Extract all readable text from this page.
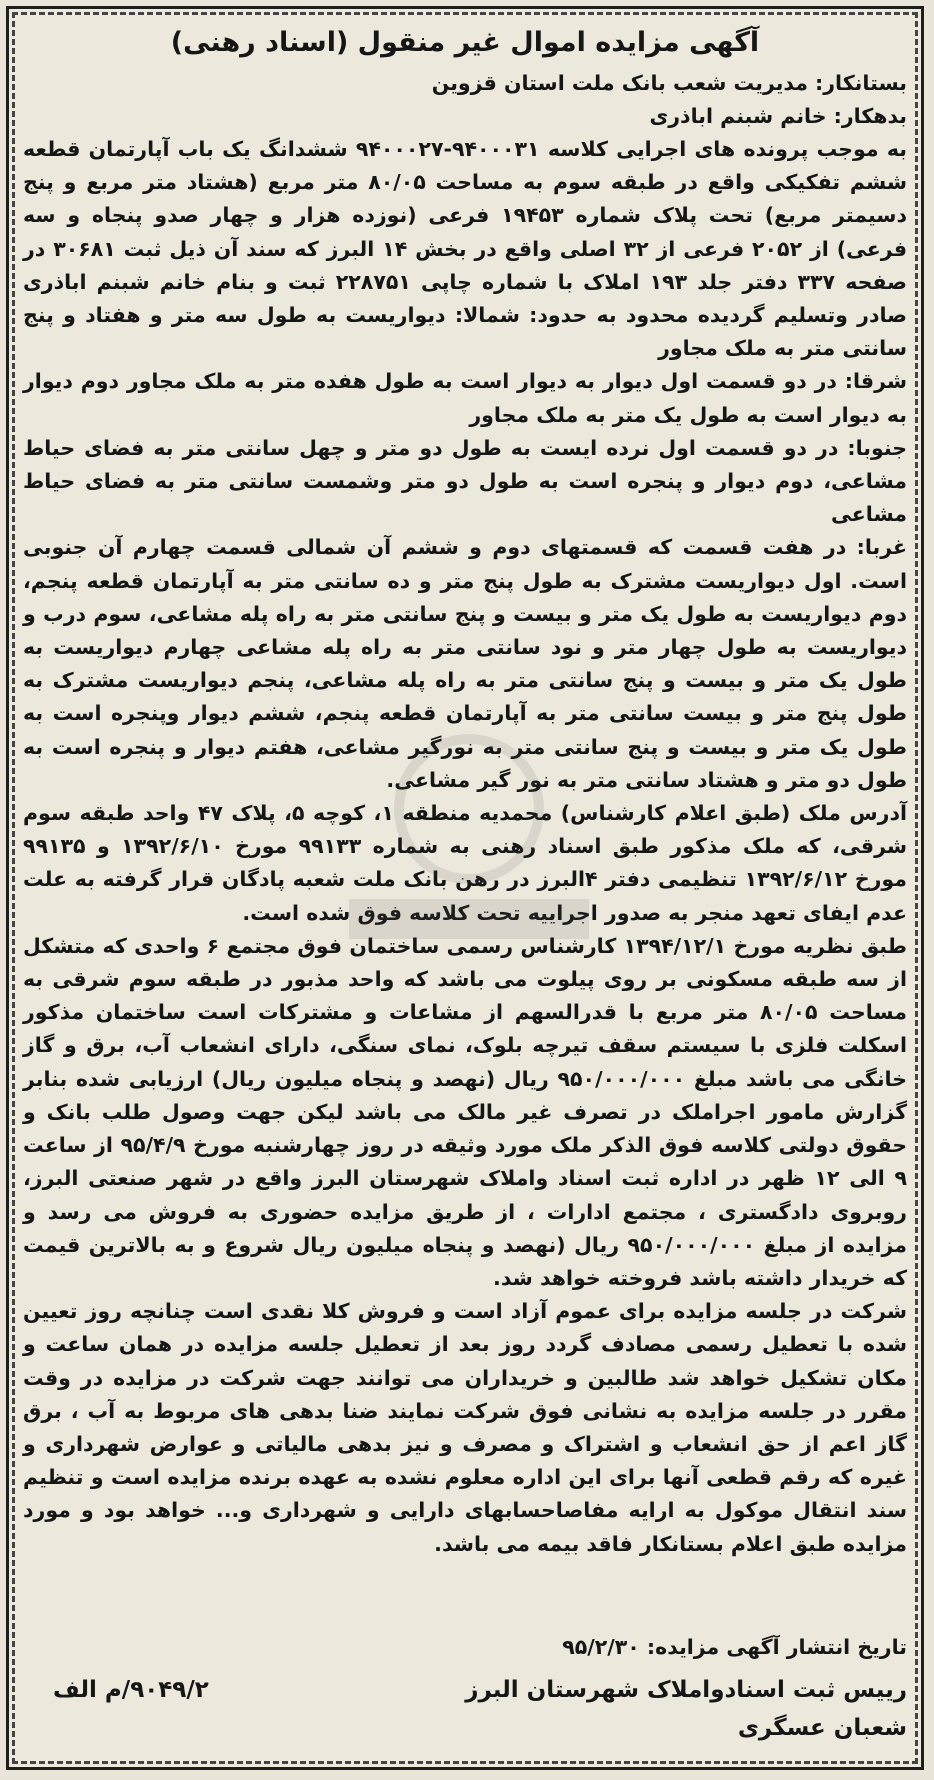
آگهی مزایده اموال غیر منقول (اسناد رهنی)
بستانکار: مدیریت شعب بانک ملت استان قزوین
بدهکار: خانم شبنم اباذری

به موجب پرونده های اجرایی کلاسه ۹۴۰۰۰۳۱-۹۴۰۰۰۲۷ ششدانگ یک باب آپارتمان قطعه ششم تفکیکی واقع در طبقه سوم به مساحت ۸۰/۰۵ متر مربع (هشتاد متر مربع و پنج دسیمتر مربع) تحت پلاک شماره ۱۹۴۵۳ فرعی (نوزده هزار و چهار صدو پنجاه و سه فرعی) از ۲۰۵۲ فرعی از ۳۲ اصلی واقع در بخش ۱۴ البرز که سند آن ذیل ثبت ۳۰۶۸۱ در صفحه ۳۳۷ دفتر جلد ۱۹۳ املاک با شماره چاپی ۲۲۸۷۵۱ ثبت و بنام خانم شبنم اباذری صادر وتسلیم گردیده محدود به حدود: شمالا: دیواریست به طول سه متر و هفتاد و پنج سانتی متر به ملک مجاور

شرقا: در دو قسمت اول دیوار به دیوار است به طول هفده متر به ملک مجاور دوم دیوار به دیوار است به طول یک متر به ملک مجاور

جنوبا: در دو قسمت اول نرده ایست به طول دو متر و چهل سانتی متر به فضای حیاط مشاعی، دوم دیوار و پنجره است به طول دو متر وشمست سانتی متر به فضای حیاط مشاعی

غربا: در هفت قسمت که قسمتهای دوم و ششم آن شمالی قسمت چهارم آن جنوبی است. اول دیواریست مشترک به طول پنج متر و ده سانتی متر به آپارتمان قطعه پنجم، دوم دیواریست به طول یک متر و بیست و پنج سانتی متر به راه پله مشاعی، سوم درب و دیواریست به طول چهار متر و نود سانتی متر به راه پله مشاعی چهارم دیواریست به طول یک متر و بیست و پنج سانتی متر به راه پله مشاعی، پنجم دیواریست مشترک به طول پنج متر و بیست سانتی متر به آپارتمان قطعه پنجم، ششم دیوار وپنجره است به طول یک متر و بیست و پنج سانتی متر به نورگیر مشاعی، هفتم دیوار و پنجره است به طول دو متر و هشتاد سانتی متر به نور گیر مشاعی.

آدرس ملک (طبق اعلام کارشناس) محمدیه منطقه ۱، کوچه ۵، پلاک ۴۷ واحد طبقه سوم شرقی، که ملک مذکور طبق اسناد رهنی به شماره ۹۹۱۳۳ مورخ ۱۳۹۲/۶/۱۰ و ۹۹۱۳۵ مورخ ۱۳۹۲/۶/۱۲ تنظیمی دفتر ۴البرز در رهن بانک ملت شعبه پادگان قرار گرفته به علت عدم ایفای تعهد منجر به صدور اجراییه تحت کلاسه فوق شده است.

طبق نظریه مورخ ۱۳۹۴/۱۲/۱ کارشناس رسمی ساختمان فوق مجتمع ۶ واحدی که متشکل از سه طبقه مسکونی بر روی پیلوت می باشد که واحد مذبور در طبقه سوم شرقی به مساحت ۸۰/۰۵ متر مربع با قدرالسهم از مشاعات و مشترکات است ساختمان مذکور اسکلت فلزی با سیستم سقف تیرچه بلوک، نمای سنگی، دارای انشعاب آب، برق و گاز خانگی می باشد مبلغ ۹۵۰/۰۰۰/۰۰۰ ریال (نهصد و پنجاه میلیون ریال) ارزیابی شده بنابر گزارش مامور اجراملک در تصرف غیر مالک می باشد لیکن جهت وصول طلب بانک و حقوق دولتی کلاسه فوق الذکر ملک مورد وثیقه در روز چهارشنبه مورخ ۹۵/۴/۹ از ساعت ۹ الی ۱۲ ظهر در اداره ثبت اسناد واملاک شهرستان البرز واقع در شهر صنعتی البرز، روبروی دادگستری ، مجتمع ادارات ، از طریق مزایده حضوری به فروش می رسد و مزایده از مبلغ ۹۵۰/۰۰۰/۰۰۰ ریال (نهصد و پنجاه میلیون ریال شروع و به بالاترین قیمت که خریدار داشته باشد فروخته خواهد شد.

شرکت در جلسه مزایده برای عموم آزاد است و فروش کلا نقدی است چنانچه روز تعیین شده با تعطیل رسمی مصادف گردد روز بعد از تعطیل جلسه مزایده در همان ساعت و مکان تشکیل خواهد شد طالبین و خریداران می توانند جهت شرکت در مزایده در وقت مقرر در جلسه مزایده به نشانی فوق شرکت نمایند ضنا بدهی های مربوط به آب ، برق گاز اعم از حق انشعاب و اشتراک و مصرف و نیز بدهی مالیاتی و عوارض شهرداری و غیره که رقم قطعی آنها برای این اداره معلوم نشده به عهده برنده مزایده است و تنظیم سند انتقال موکول به ارایه مفاصاحسابهای دارایی و شهرداری و... خواهد بود و مورد مزایده طبق اعلام بستانکار فاقد بیمه می باشد.

تاریخ انتشار آگهی مزایده: ۹۵/۲/۳۰
رییس ثبت اسنادواملاک شهرستان البرز
شعبان عسگری
۹۰۴۹/۲/م الف
